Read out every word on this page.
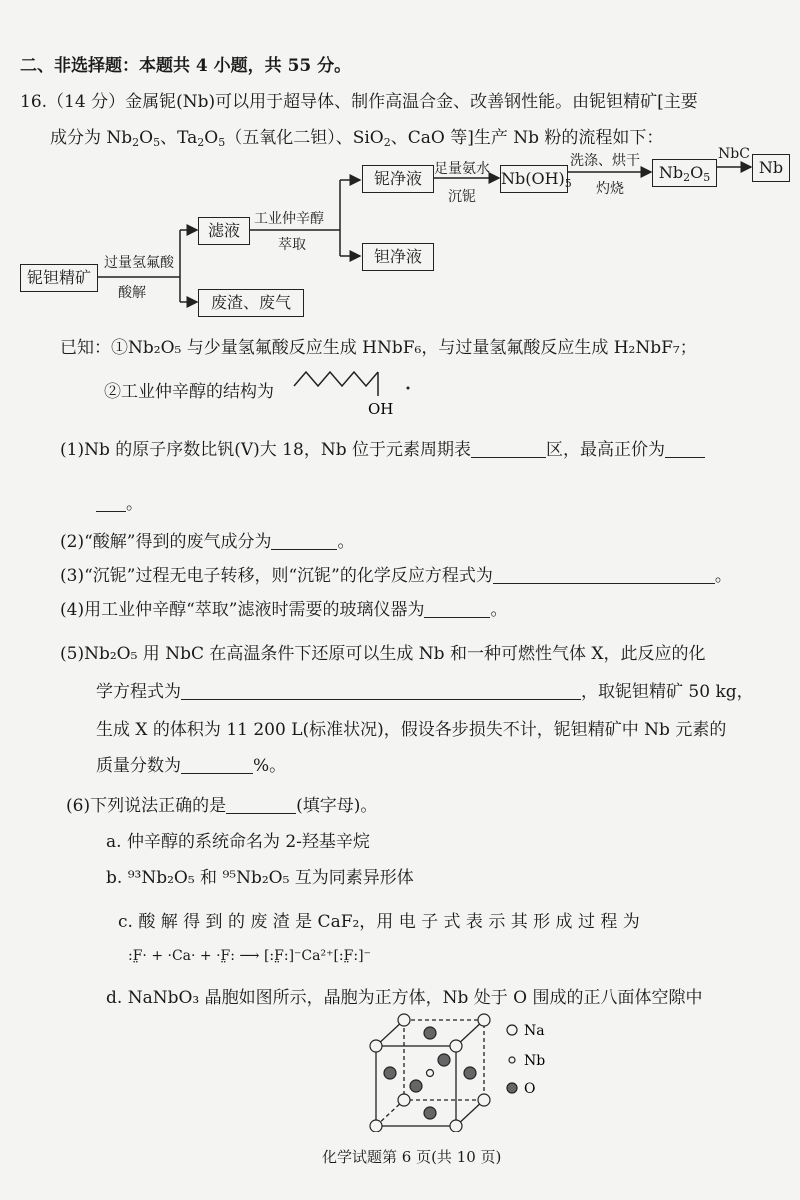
二、非选择题：本题共 4 小题，共 55 分。
16.（14 分）金属铌(Nb)可以用于超导体、制作高温合金、改善钢性能。由铌钽精矿[主要
成分为 Nb2O5、Ta2O5（五氧化二钽）、SiO2、CaO 等]生产 Nb 粉的流程如下：
铌钽精矿
过量氢氟酸
酸解
滤液
废渣、废气
工业仲辛醇
萃取
铌净液
钽净液
足量氨水
沉铌
Nb(OH)5
洗涤、烘干
灼烧
Nb2O5
NbC
Nb
已知：①Nb₂O₅ 与少量氢氟酸反应生成 HNbF₆，与过量氢氟酸反应生成 H₂NbF₇；
②工业仲辛醇的结构为
OH
(1)Nb 的原子序数比钒(V)大 18，Nb 位于元素周期表	区，最高正价为
。
(2)“酸解”得到的废气成分为	。
(3)“沉铌”过程无电子转移，则“沉铌”的化学反应方程式为	。
(4)用工业仲辛醇“萃取”滤液时需要的玻璃仪器为	。
(5)Nb₂O₅ 用 NbC 在高温条件下还原可以生成 Nb 和一种可燃性气体 X，此反应的化
学方程式为	，取铌钽精矿 50 kg，
生成 X 的体积为 11 200 L(标准状况)，假设各步损失不计，铌钽精矿中 Nb 元素的
质量分数为	%。
(6)下列说法正确的是	(填字母)。
a. 仲辛醇的系统命名为 2-羟基辛烷
b. ⁹³Nb₂O₅ 和 ⁹⁵Nb₂O₅ 互为同素异形体
c. 酸 解 得 到 的 废 渣 是 CaF₂，用 电 子 式 表 示 其 形 成 过 程 为
:F̤· + ·Ca· + ·F̤: ⟶ [:F̤:]⁻Ca²⁺[:F̤:]⁻
d. NaNbO₃ 晶胞如图所示，晶胞为正方体，Nb 处于 O 围成的正八面体空隙中
Na
Nb
O
化学试题第 6 页(共 10 页)
